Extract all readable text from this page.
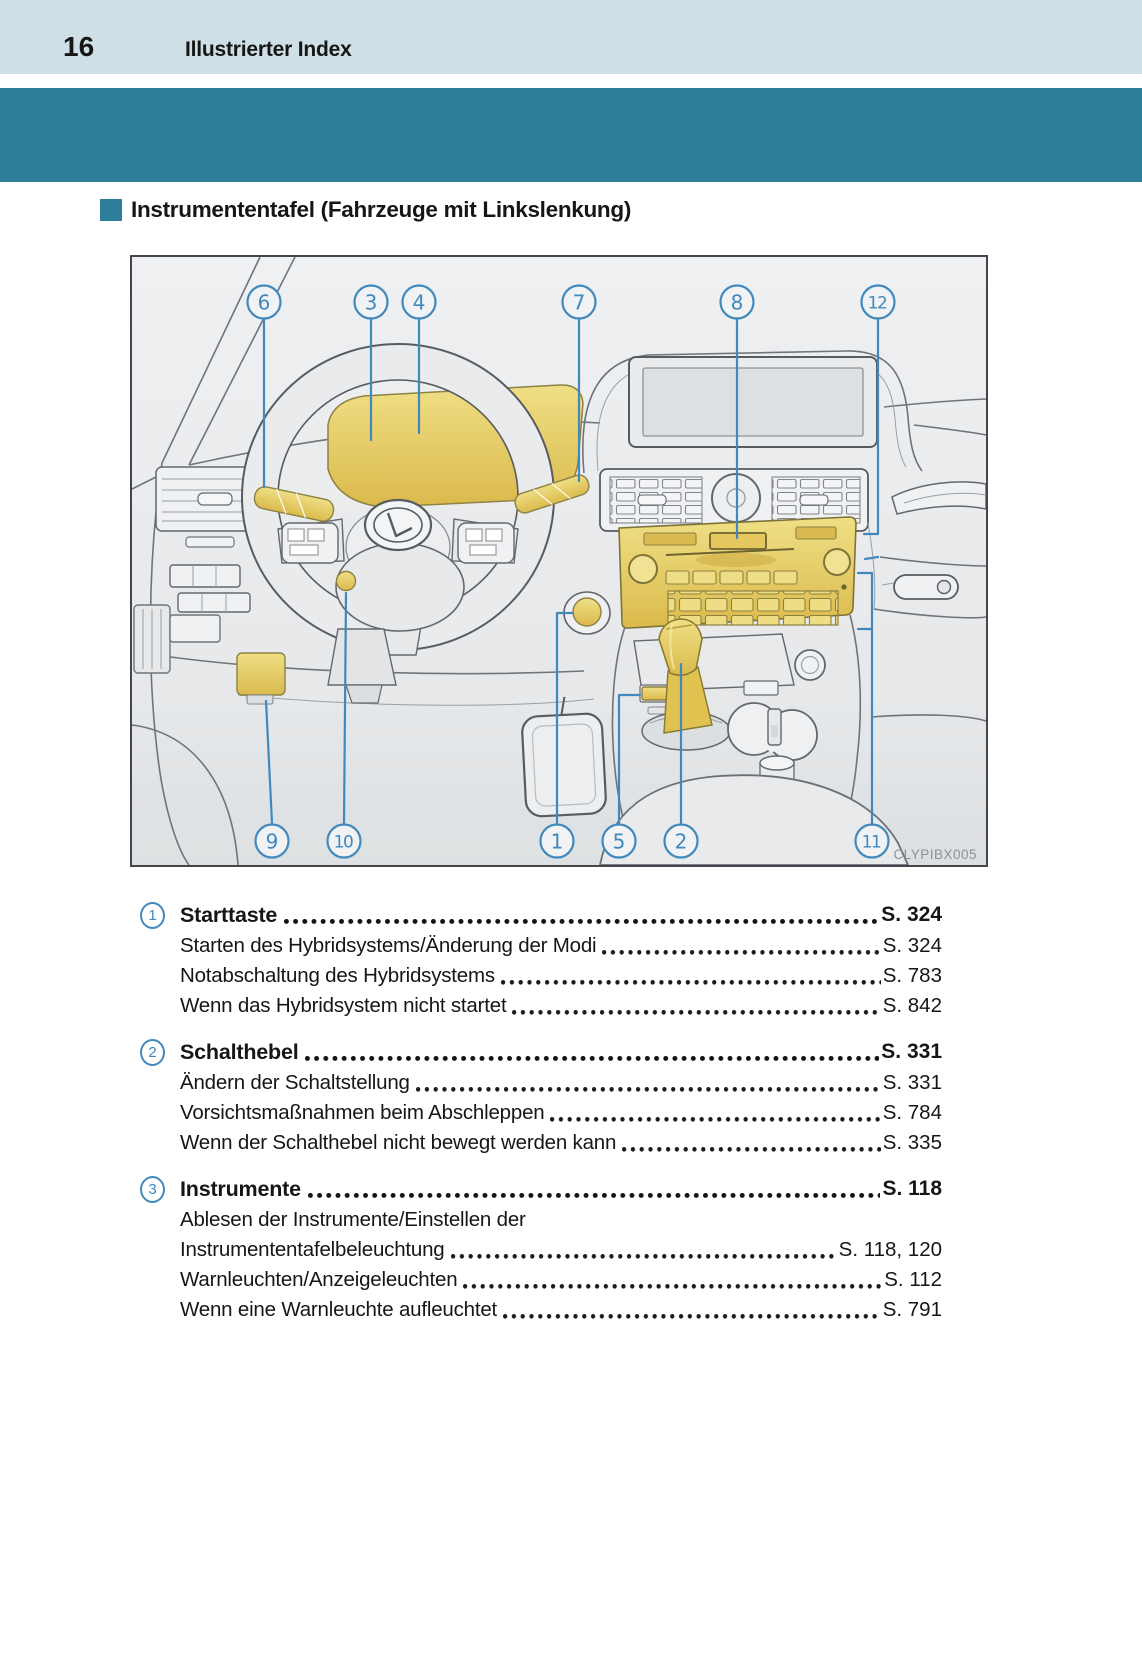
16	Illustrierter Index
Instrumententafel (Fahrzeuge mit Linkslenkung)
6	3 4	7	8	12
9	10	1 5 2	11
CLYPIBX005
1	Starttaste	S. 324
Starten des Hybridsystems/Änderung der Modi	S. 324
Notabschaltung des Hybridsystems	S. 783
Wenn das Hybridsystem nicht startet	S. 842
2	Schalthebel	S. 331
Ändern der Schaltstellung	S. 331
Vorsichtsmaßnahmen beim Abschleppen	S. 784
Wenn der Schalthebel nicht bewegt werden kann	S. 335
3	Instrumente	S. 118
Ablesen der Instrumente/Einstellen der
Instrumententafelbeleuchtung	S. 118, 120
Warnleuchten/Anzeigeleuchten	S. 112
Wenn eine Warnleuchte aufleuchtet	S. 791
